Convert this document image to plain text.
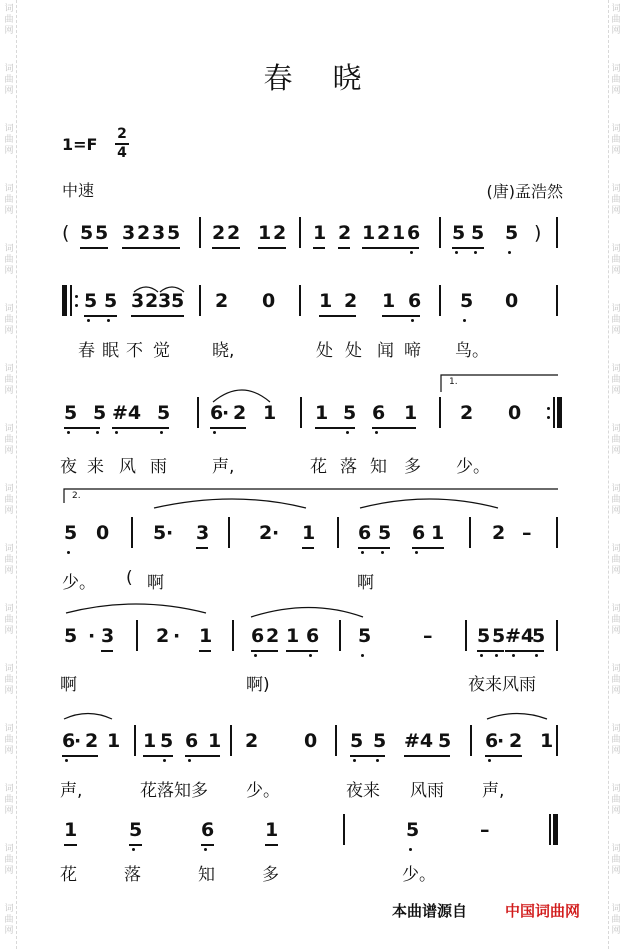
词
曲
网
词
曲
网
词
曲
网
词
曲
网
词
曲
网
词
曲
网
词
曲
网
词
曲
网
词
曲
网
词
曲
网
词
曲
网
词
曲
网
词
曲
网
词
曲
网
词
曲
网
词
曲
网
词
曲
网
词
曲
网
词
曲
网
词
曲
网
词
曲
网
词
曲
网
词
曲
网
词
曲
网
词
曲
网
词
曲
网
词
曲
网
词
曲
网
词
曲
网
词
曲
网
词
曲
网
词
曲
网
春晓
1=F
2
4
中速	(唐)孟浩然
( 5 5 3 2 3 5 2 2 1 2 1 2 1 2 1 6 5 5 5 )
5 5 3 2 3 5 2 0 1 2 1 6 5 0
春 眠 不 觉 晓,	处 处 闻 啼 鸟。
5 5 #4 5 6
· 2 1 1 5 6 1 2 0
夜 来 风 雨	声,	花 落 知 多 少。
5 0 5 · 3	2 · 1 6 5 6 1	2 –
少。 ( 啊	啊
5 · 3 2 · 1 6 2 1 6 5	– 5 5 #4
5
啊	啊)	夜来风雨
6
· 2 1 1 5 6 1 2 0 5 5 #4 5 6
· 2 1
声,	花落知多 少。	夜来 风雨 声,
1	5	6	1	5	–
花	落	知	多	少。
1.
2.
本曲谱源自	中国词曲网
